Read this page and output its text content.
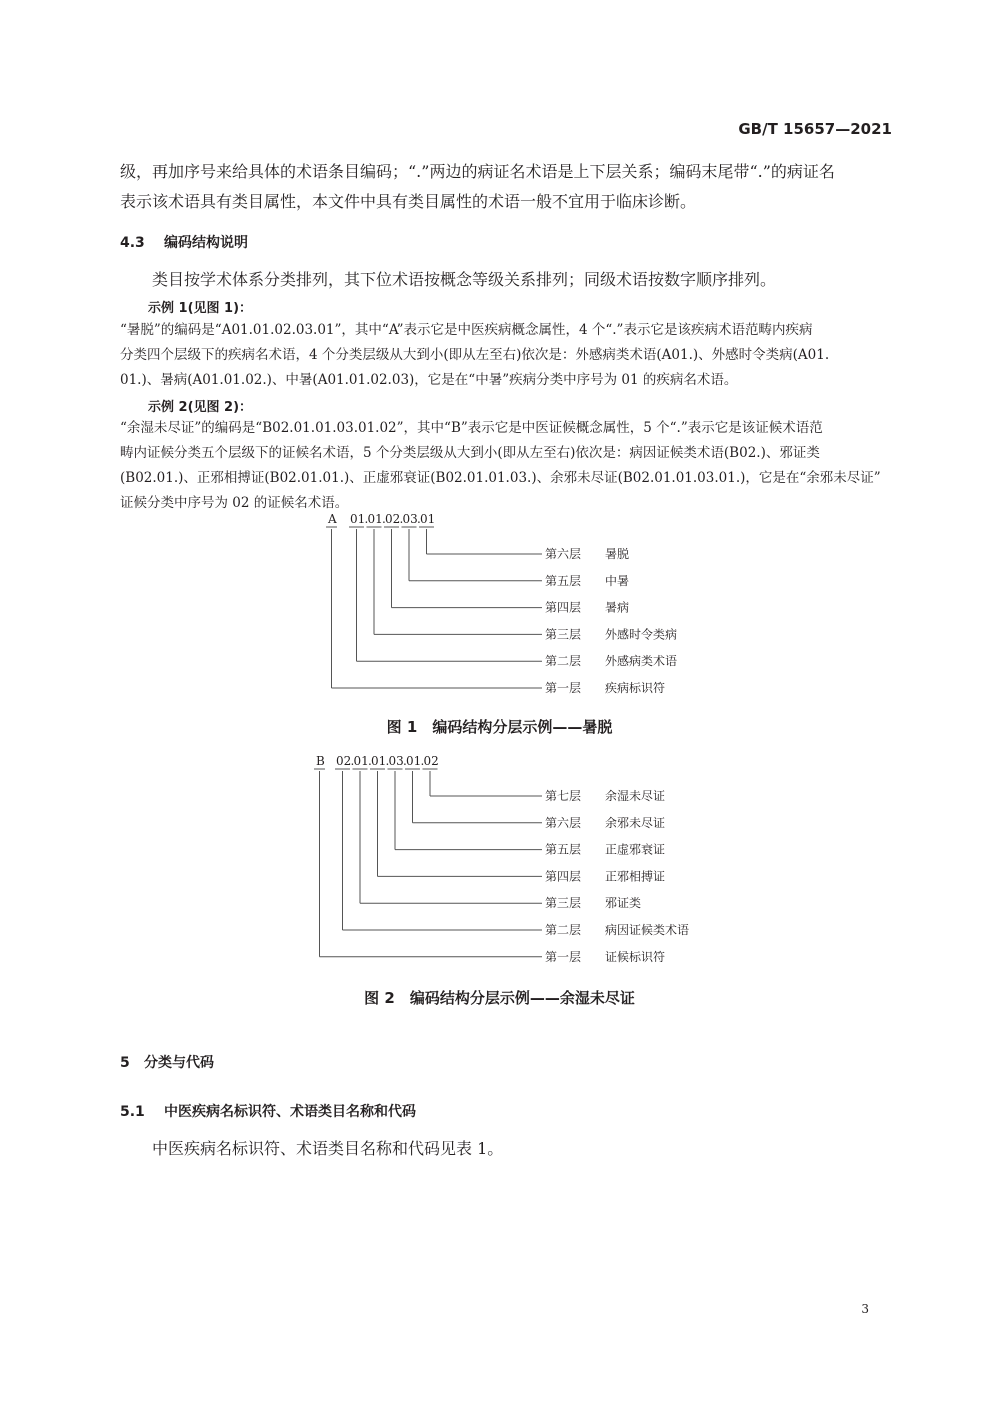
GB/T 15657—2021
级，再加序号来给具体的术语条目编码；“.”两边的病证名术语是上下层关系；编码末尾带“.”的病证名
表示该术语具有类目属性，本文件中具有类目属性的术语一般不宜用于临床诊断。
4.3 编码结构说明
类目按学术体系分类排列，其下位术语按概念等级关系排列；同级术语按数字顺序排列。
示例 1(见图 1)：
“暑脱”的编码是“A01.01.02.03.01”，其中“A”表示它是中医疾病概念属性，4 个“.”表示它是该疾病术语范畴内疾病
分类四个层级下的疾病名术语，4 个分类层级从大到小(即从左至右)依次是：外感病类术语(A01.)、外感时令类病(A01.
01.)、暑病(A01.01.02.)、中暑(A01.01.02.03)，它是在“中暑”疾病分类中序号为 01 的疾病名术语。
示例 2(见图 2)：
“余湿未尽证”的编码是“B02.01.01.03.01.02”，其中“B”表示它是中医证候概念属性，5 个“.”表示它是该证候术语范
畴内证候分类五个层级下的证候名术语，5 个分类层级从大到小(即从左至右)依次是：病因证候类术语(B02.)、邪证类
(B02.01.)、正邪相搏证(B02.01.01.)、正虚邪衰证(B02.01.01.03.)、余邪未尽证(B02.01.01.03.01.)，它是在“余邪未尽证”
证候分类中序号为 02 的证候名术语。
A 01 . 01 . 02 . 03 . 01
第六层 暑脱
第五层 中暑
第四层 暑病
第三层 外感时令类病
第二层 外感病类术语
第一层 疾病标识符
图 1　编码结构分层示例——暑脱
B 02 . 01 . 01 . 03 . 01 . 02
第七层 余湿未尽证
第六层 余邪未尽证
第五层 正虚邪衰证
第四层 正邪相搏证
第三层 邪证类
第二层 病因证候类术语
第一层 证候标识符
图 2　编码结构分层示例——余湿未尽证
5 分类与代码
5.1 中医疾病名标识符、术语类目名称和代码
中医疾病名标识符、术语类目名称和代码见表 1。
3
